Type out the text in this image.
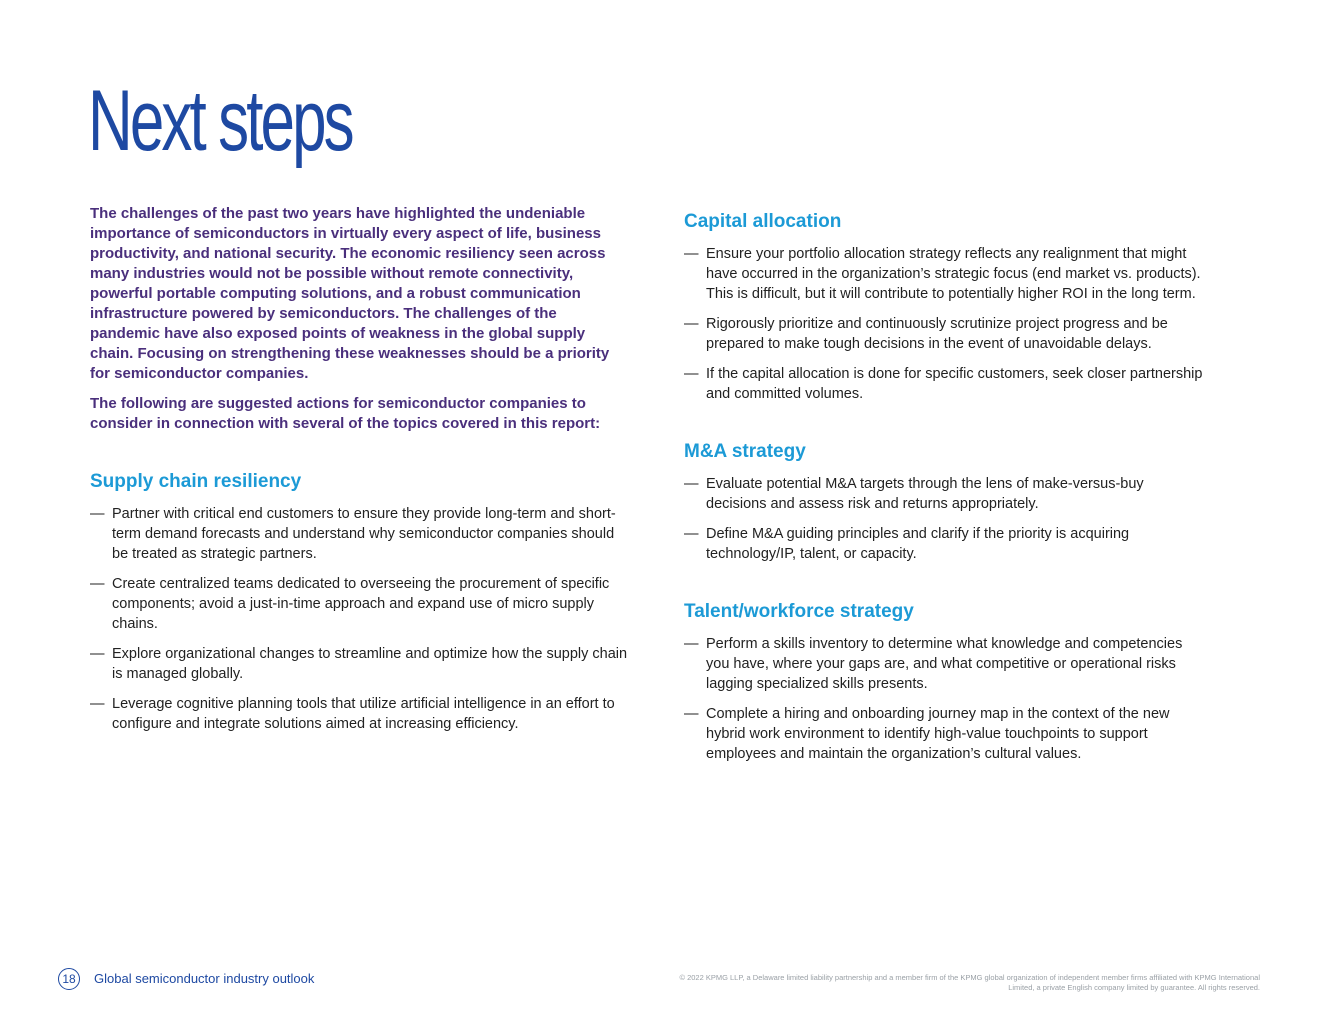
Next steps

The challenges of the past two years have highlighted the undeniable importance of semiconductors in virtually every aspect of life, business productivity, and national security. The economic resiliency seen across many industries would not be possible without remote connectivity, powerful portable computing solutions, and a robust communication infrastructure powered by semiconductors. The challenges of the pandemic have also exposed points of weakness in the global supply chain. Focusing on strengthening these weaknesses should be a priority for semiconductor companies.

The following are suggested actions for semiconductor companies to consider in connection with several of the topics covered in this report:

Supply chain resiliency
— Partner with critical end customers to ensure they provide long-term and short-term demand forecasts and understand why semiconductor companies should be treated as strategic partners.
— Create centralized teams dedicated to overseeing the procurement of specific components; avoid a just-in-time approach and expand use of micro supply chains.
— Explore organizational changes to streamline and optimize how the supply chain is managed globally.
— Leverage cognitive planning tools that utilize artificial intelligence in an effort to configure and integrate solutions aimed at increasing efficiency.
Capital allocation
— Ensure your portfolio allocation strategy reflects any realignment that might have occurred in the organization’s strategic focus (end market vs. products). This is difficult, but it will contribute to potentially higher ROI in the long term.
— Rigorously prioritize and continuously scrutinize project progress and be prepared to make tough decisions in the event of unavoidable delays.
— If the capital allocation is done for specific customers, seek closer partnership and committed volumes.
M&A strategy
— Evaluate potential M&A targets through the lens of make-versus-buy decisions and assess risk and returns appropriately.
— Define M&A guiding principles and clarify if the priority is acquiring technology/IP, talent, or capacity.
Talent/workforce strategy
— Perform a skills inventory to determine what knowledge and competencies you have, where your gaps are, and what competitive or operational risks lagging specialized skills presents.
— Complete a hiring and onboarding journey map in the context of the new hybrid work environment to identify high-value touchpoints to support employees and maintain the organization’s cultural values.
18	Global semiconductor industry outlook	© 2022 KPMG LLP, a Delaware limited liability partnership and a member firm of the KPMG global organization of independent member firms affiliated with KPMG International Limited, a private English company limited by guarantee. All rights reserved.
